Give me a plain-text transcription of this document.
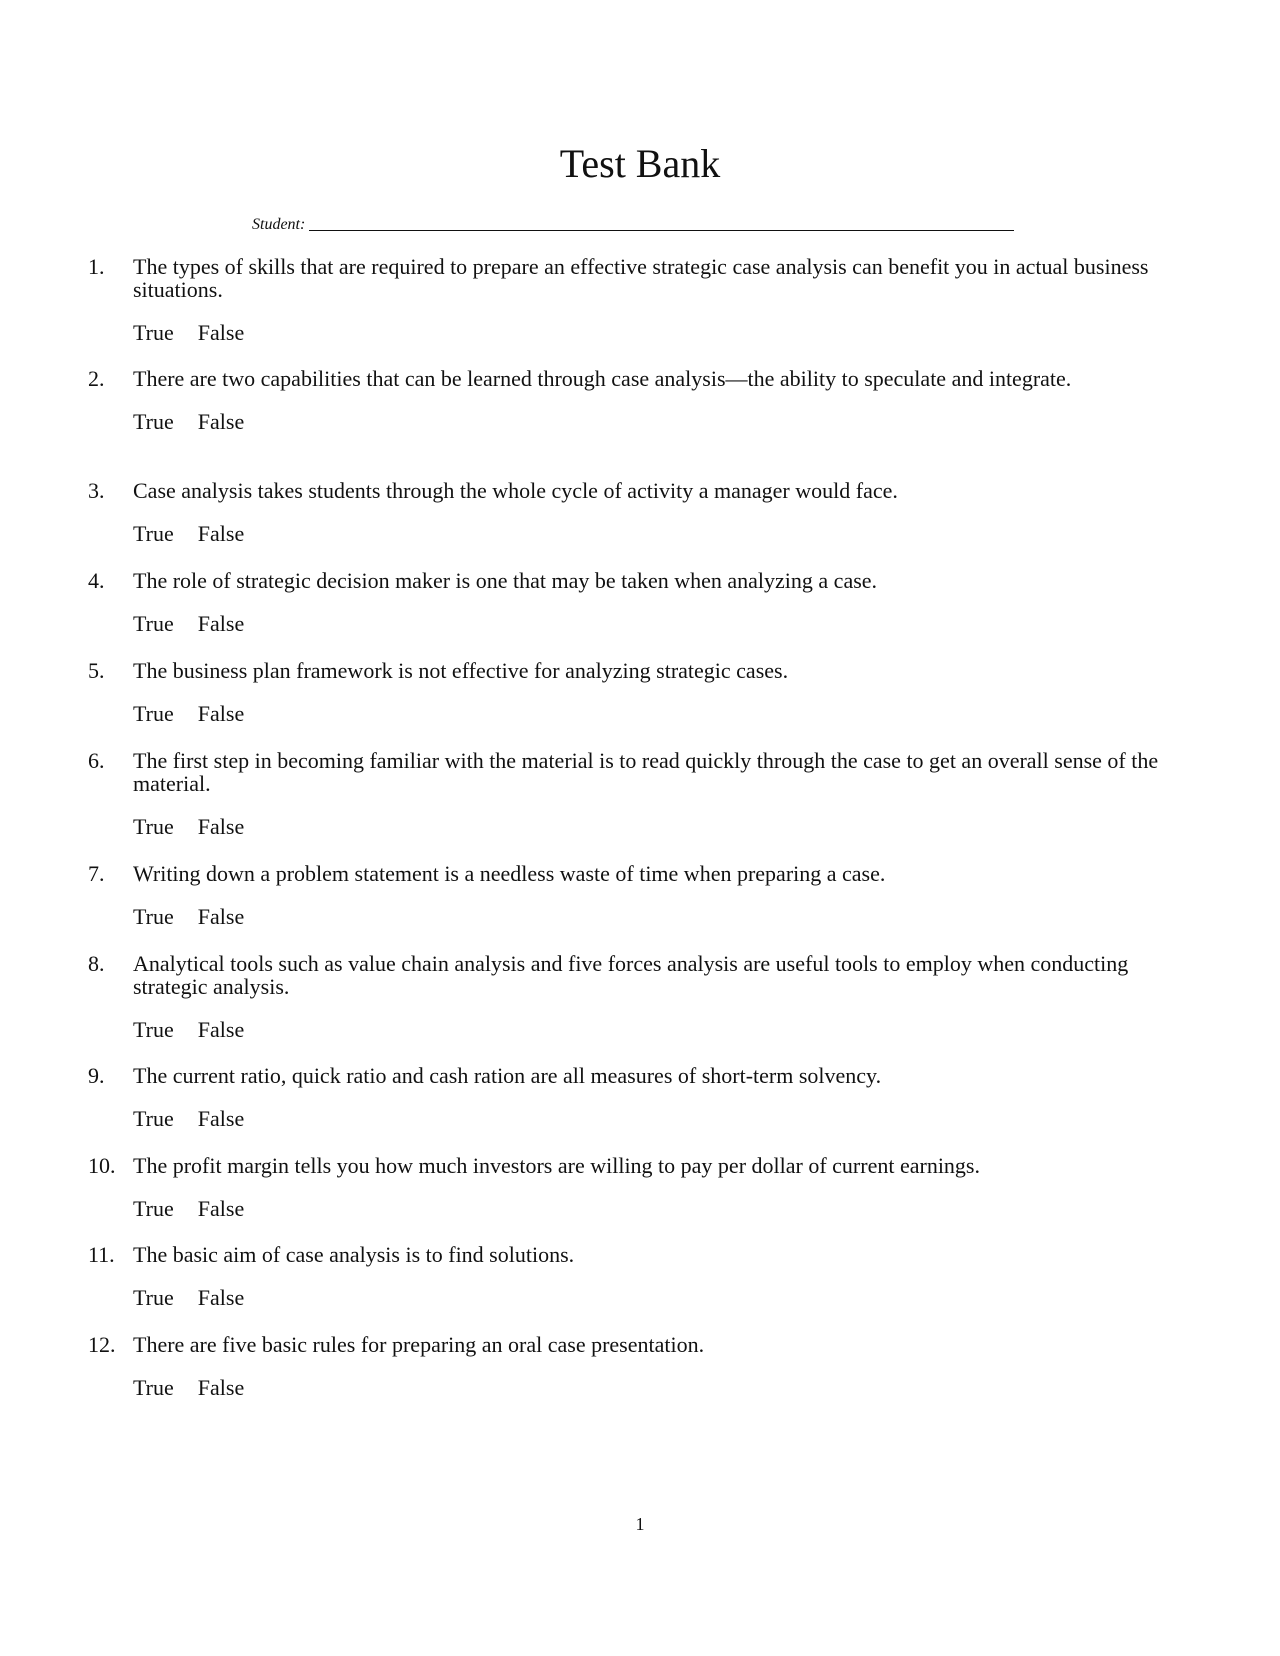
Test Bank
Student:
1.	The types of skills that are required to prepare an effective strategic case analysis can benefit you in actual business situations.
True False
2.	There are two capabilities that can be learned through case analysis—the ability to speculate and integrate.
True False
3.	Case analysis takes students through the whole cycle of activity a manager would face.
True False
4.	The role of strategic decision maker is one that may be taken when analyzing a case.
True False
5.	The business plan framework is not effective for analyzing strategic cases.
True False
6.	The first step in becoming familiar with the material is to read quickly through the case to get an overall sense of the material.
True False
7.	Writing down a problem statement is a needless waste of time when preparing a case.
True False
8.	Analytical tools such as value chain analysis and five forces analysis are useful tools to employ when conducting strategic analysis.
True False
9.	The current ratio, quick ratio and cash ration are all measures of short-term solvency.
True False
10. The profit margin tells you how much investors are willing to pay per dollar of current earnings.
True False
11. The basic aim of case analysis is to find solutions.
True False
12. There are five basic rules for preparing an oral case presentation.
True False
1
